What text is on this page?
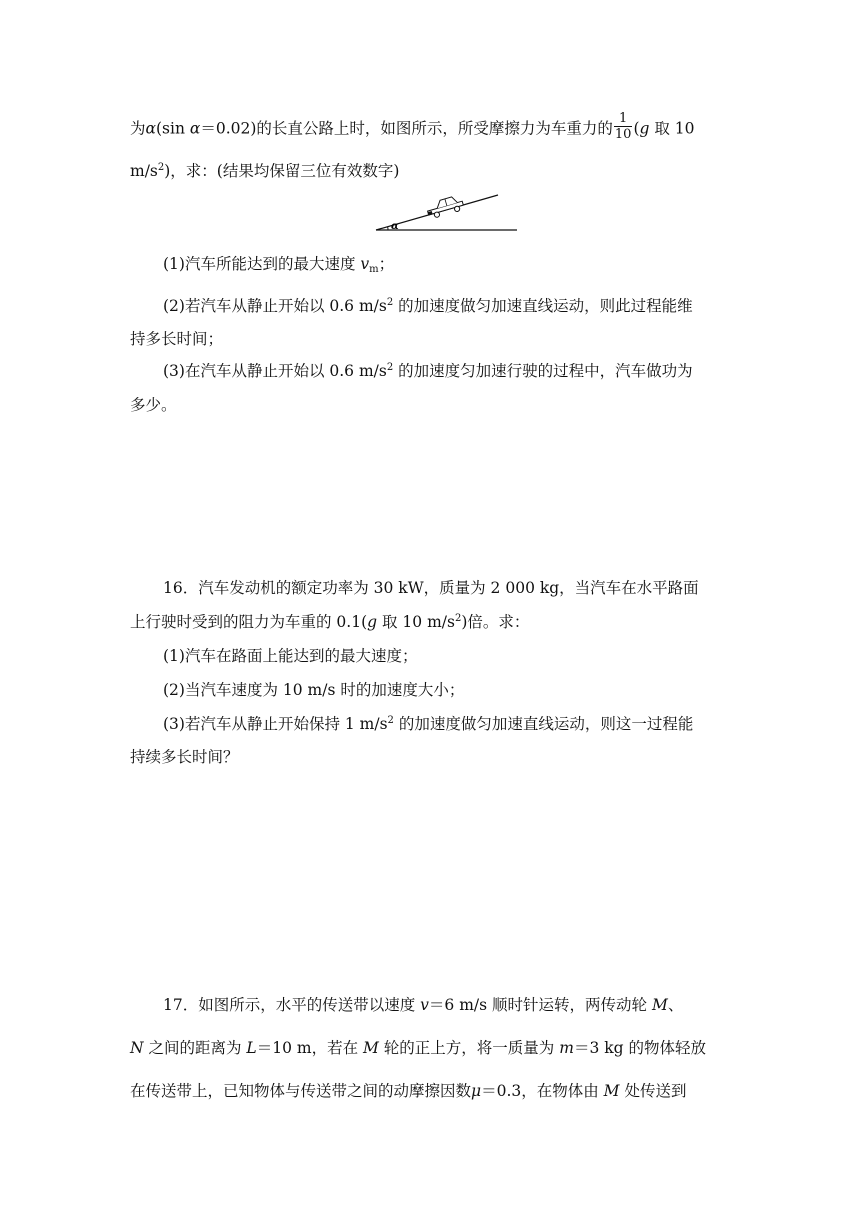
为α(sin α＝0.02)的长直公路上时，如图所示，所受摩擦力为车重力的 $\frac{1}{10} (g$ 取 10
$m/s^2$)，求：(结果均保留三位有效数字)
α
(1)汽车所能达到的最大速度 $v_m$；
(2)若汽车从静止开始以 0.6 $m/s^2$ 的加速度做匀加速直线运动，则此过程能维
持多长时间；
(3)在汽车从静止开始以 0.6 $m/s^2$ 的加速度匀加速行驶的过程中，汽车做功为
多少。
16．汽车发动机的额定功率为 30 kW，质量为 2 000 kg，当汽车在水平路面
上行驶时受到的阻力为车重的 0.1(g 取 10 $m/s^2$)倍。求：
(1)汽车在路面上能达到的最大速度；
(2)当汽车速度为 10 m/s 时的加速度大小；
(3)若汽车从静止开始保持 1 $m/s^2$ 的加速度做匀加速直线运动，则这一过程能
持续多长时间？
17．如图所示，水平的传送带以速度 v＝6 m/s 顺时针运转，两传动轮 M、
N 之间的距离为 L＝10 m，若在 M 轮的正上方，将一质量为 m＝3 kg 的物体轻放
在传送带上，已知物体与传送带之间的动摩擦因数μ＝0.3，在物体由 M 处传送到
